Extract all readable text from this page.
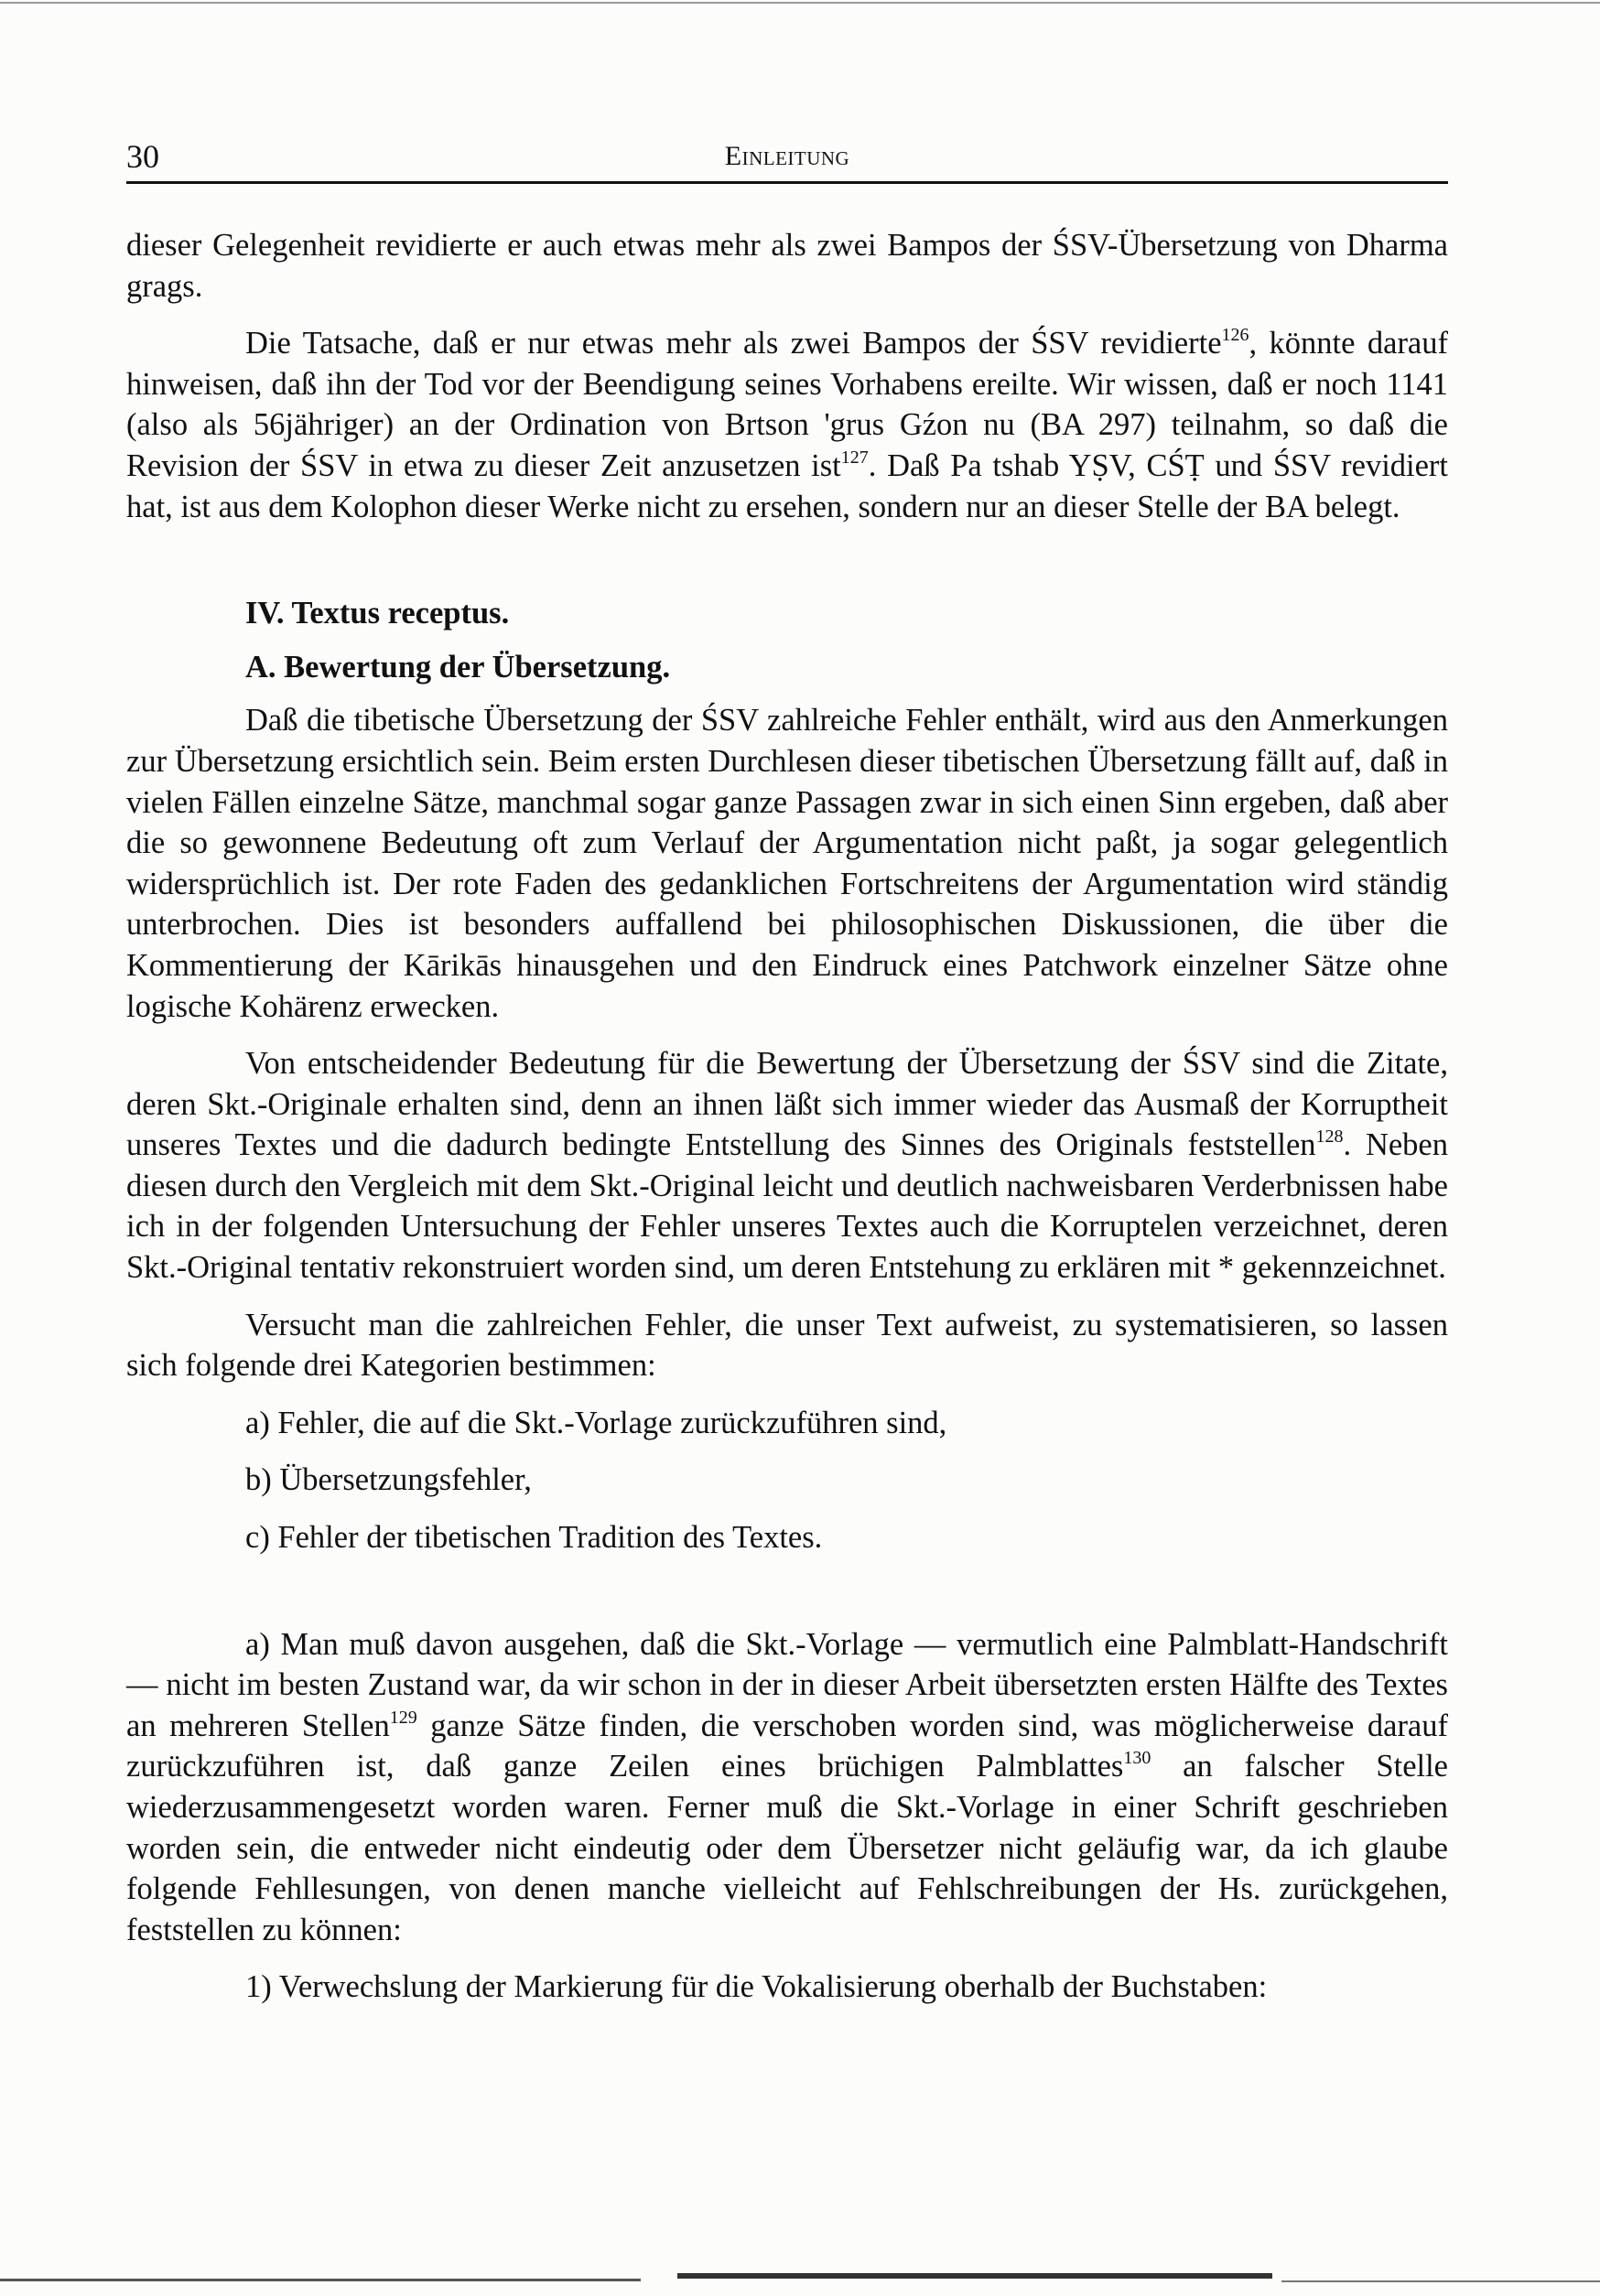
30	Einleitung

dieser Gelegenheit revidierte er auch etwas mehr als zwei Bampos der ŚSV-Übersetzung von Dharma grags.

Die Tatsache, daß er nur etwas mehr als zwei Bampos der ŚSV revidierte$^{126}$, könnte darauf hinweisen, daß ihn der Tod vor der Beendigung seines Vorhabens ereilte. Wir wissen, daß er noch 1141 (also als 56jähriger) an der Ordination von Brtson 'grus Gźon nu (BA 297) teilnahm, so daß die Revision der ŚSV in etwa zu dieser Zeit anzusetzen ist$^{127}$. Daß Pa tshab YṢV, CŚṬ und ŚSV revidiert hat, ist aus dem Kolophon dieser Werke nicht zu ersehen, sondern nur an dieser Stelle der BA belegt.

IV. Textus receptus.

A. Bewertung der Übersetzung.

Daß die tibetische Übersetzung der ŚSV zahlreiche Fehler enthält, wird aus den Anmerkungen zur Übersetzung ersichtlich sein. Beim ersten Durchlesen dieser tibetischen Übersetzung fällt auf, daß in vielen Fällen einzelne Sätze, manchmal sogar ganze Passagen zwar in sich einen Sinn ergeben, daß aber die so gewonnene Bedeutung oft zum Verlauf der Argumentation nicht paßt, ja sogar gelegentlich widersprüchlich ist. Der rote Faden des gedanklichen Fortschreitens der Argumentation wird ständig unterbrochen. Dies ist besonders auffallend bei philosophischen Diskussionen, die über die Kommentierung der Kārikās hinausgehen und den Eindruck eines Patchwork einzelner Sätze ohne logische Kohärenz erwecken.

Von entscheidender Bedeutung für die Bewertung der Übersetzung der ŚSV sind die Zitate, deren Skt.-Originale erhalten sind, denn an ihnen läßt sich immer wieder das Ausmaß der Korruptheit unseres Textes und die dadurch bedingte Entstellung des Sinnes des Originals feststellen$^{128}$. Neben diesen durch den Vergleich mit dem Skt.-Original leicht und deutlich nachweisbaren Verderbnissen habe ich in der folgenden Untersuchung der Fehler unseres Textes auch die Korruptelen verzeichnet, deren Skt.-Original tentativ rekonstruiert worden sind, um deren Entstehung zu erklären mit * gekennzeichnet.

Versucht man die zahlreichen Fehler, die unser Text aufweist, zu systematisieren, so lassen sich folgende drei Kategorien bestimmen:

a) Fehler, die auf die Skt.-Vorlage zurückzuführen sind,

b) Übersetzungsfehler,

c) Fehler der tibetischen Tradition des Textes.

a) Man muß davon ausgehen, daß die Skt.-Vorlage — vermutlich eine Palmblatt-Handschrift — nicht im besten Zustand war, da wir schon in der in dieser Arbeit übersetzten ersten Hälfte des Textes an mehreren Stellen$^{129}$ ganze Sätze finden, die verschoben worden sind, was möglicherweise darauf zurückzuführen ist, daß ganze Zeilen eines brüchigen Palmblattes$^{130}$ an falscher Stelle wiederzusammengesetzt worden waren. Ferner muß die Skt.-Vorlage in einer Schrift geschrieben worden sein, die entweder nicht eindeutig oder dem Übersetzer nicht geläufig war, da ich glaube folgende Fehllesungen, von denen manche vielleicht auf Fehlschreibungen der Hs. zurückgehen, feststellen zu können:

1) Verwechslung der Markierung für die Vokalisierung oberhalb der Buchstaben:
